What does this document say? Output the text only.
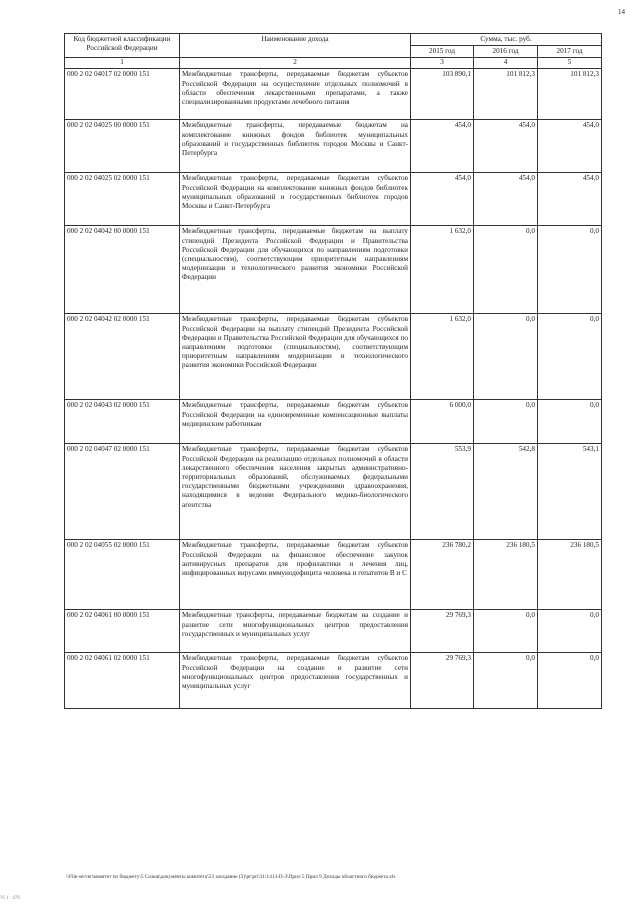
14
Код бюджетной классификации Российской Федерации	Наименование дохода	Сумма, тыс. руб.		
		2015 год	2016 год	2017 год
1	2	3	4	5
000 2 02 04017 02 0000 151	Межбюджетные трансферты, передаваемые бюджетам субъектов Российской Федерации на осуществление отдельных полномочий в области обеспечения лекарственными препаратами, а также специализированными продуктами лечебного питания	103 890,1	101 812,3	101 812,3
000 2 02 04025 00 0000 151	Межбюджетные трансферты, передаваемые бюджетам на комплектование книжных фондов библиотек муниципальных образований и государственных библиотек городов Москвы и Санкт-Петербурга	454,0	454,0	454,0
000 2 02 04025 02 0000 151	Межбюджетные трансферты, передаваемые бюджетам субъектов Российской Федерации на комплектование книжных фондов библиотек муниципальных образований и государственных библиотек городов Москвы и Санкт-Петербурга	454,0	454,0	454,0
000 2 02 04042 00 0000 151	Межбюджетные трансферты, передаваемые бюджетам на выплату стипендий Президента Российской Федерации и Правительства Российской Федерации для обучающихся по направлениям подготовки (специальностям), соответствующим приоритетным направлениям модернизации и технологического развития экономики Российской Федерации	1 632,0	0,0	0,0
000 2 02 04042 02 0000 151	Межбюджетные трансферты, передаваемые бюджетам субъектов Российской Федерации на выплату стипендий Президента Российской Федерации и Правительства Российской Федерации для обучающихся по направлениям подготовки (специальностям), соответствующим приоритетным направлениям модернизации и технологического развития экономики Российской Федерации	1 632,0	0,0	0,0
000 2 02 04043 02 0000 151	Межбюджетные трансферты, передаваемые бюджетам субъектов Российской Федерации на единовременные компенсационные выплаты медицинским работникам	6 000,0	0,0	0,0
000 2 02 04047 02 0000 151	Межбюджетные трансферты, передаваемые бюджетам субъектов Российской Федерации на реализацию отдельных полномочий в области лекарственного обеспечения населения закрытых административно-территориальных образований, обслуживаемых федеральными государственными бюджетными учреждениями здравоохранения, находящимися в ведении Федерального медико-биологического агентства	553,9	542,8	543,1
000 2 02 04055 02 0000 151	Межбюджетные трансферты, передаваемые бюджетам субъектов Российской Федерации на финансовое обеспечение закупок антивирусных препаратов для профилактики и лечения лиц, инфицированных вирусами иммунодефицита человека и гепатитов В и С	236 780,2	236 180,5	236 180,5
000 2 02 04061 00 0000 151	Межбюджетные трансферты, передаваемые бюджетам на создание и развитие сети многофункциональных центров предоставления государственных и муниципальных услуг	29 769,3	0,0	0,0
000 2 02 04061 02 0000 151	Межбюджетные трансферты, передаваемые бюджетам субъектов Российской Федерации на создание и развитие сети многофункциональных центров предоставления государственных и муниципальных услуг	29 769,3	0,0	0,0
\\File-server\комитет по бюджету\5 Созыв\документы комитета\53 заседание (3)\pr\pri\31\1413-П-3\Прил 5 Прил 9 Доходы областного бюджета.xls
Vi 1 : 476
